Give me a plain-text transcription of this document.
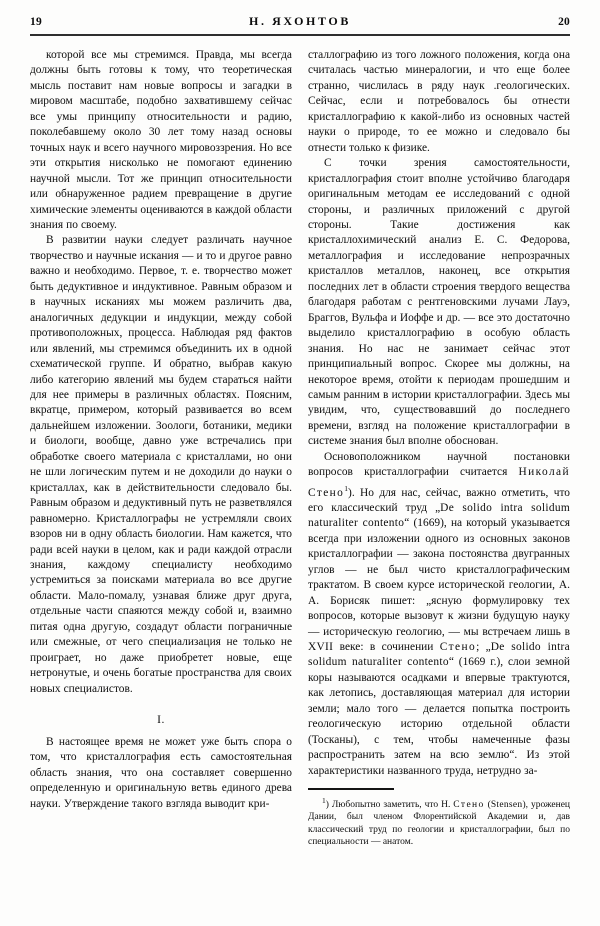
19	Н. ЯХОНТОВ	20

которой все мы стремимся. Правда, мы всегда должны быть готовы к тому, что теоретическая мысль поставит нам новые вопросы и загадки в мировом масштабе, подобно захватившему сейчас все умы принципу относительности и радию, поколебавшему около 30 лет тому назад основы точных наук и всего научного мировоззрения. Но все эти открытия нисколько не помогают единению научной мысли. Тот же принцип относительности или обнаруженное радием превращение в другие химические элементы оцениваются в каждой области знания по своему.

В развитии науки следует различать научное творчество и научные искания — и то и другое равно важно и необходимо. Первое, т. е. творчество может быть дедуктивное и индуктивное. Равным образом и в научных исканиях мы можем различить два, аналогичных дедукции и индукции, между собой противоположных, процесса. Наблюдая ряд фактов или явлений, мы стремимся объединить их в одной схематической группе. И обратно, выбрав какую либо категорию явлений мы будем стараться найти для нее примеры в различных областях. Поясним, вкратце, примером, который развивается во всем дальнейшем изложении. Зоологи, ботаники, медики и биологи, вообще, давно уже встречались при обработке своего материала с кристаллами, но они не шли логическим путем и не доходили до науки о кристаллах, как в действительности следовало бы. Равным образом и дедуктивный путь не разветвлялся равномерно. Кристаллографы не устремляли своих взоров ни в одну область биологии. Нам кажется, что ради всей науки в целом, как и ради каждой отрасли знания, каждому специалисту необходимо устремиться за поисками материала во все другие области. Мало-помалу, узнавая ближе друг друга, отдельные части спаяются между собой и, взаимно питая одна другую, создадут области пограничные или смежные, от чего специализация не только не проиграет, но даже приобретет новые, еще нетронутые, и очень богатые пространства для своих новых специалистов.

I.

В настоящее время не может уже быть спора о том, что кристаллография есть самостоятельная область знания, что она составляет совершенно определенную и оригинальную ветвь единого древа науки. Утверждение такого взгляда выводит кри-

сталлографию из того ложного положения, когда она считалась частью минералогии, и что еще более странно, числилась в ряду наук .геологических. Сейчас, если и потребовалось бы отнести кристаллографию к какой-либо из основных частей науки о природе, то ее можно и следовало бы отнести только к физике.

С точки зрения самостоятельности, кристаллография стоит вполне устойчиво благодаря оригинальным методам ее исследований с одной стороны, и различных приложений с другой стороны. Такие достижения как кристаллохимический анализ Е. С. Федорова, металлография и исследование непрозрачных кристаллов металлов, наконец, все открытия последних лет в области строения твердого вещества благодаря работам с рентгеновскими лучами Лауэ, Браггов, Вульфа и Иоффе и др. — все это достаточно выделило кристаллографию в особую область знания. Но нас не занимает сейчас этот принципиальный вопрос. Скорее мы должны, на некоторое время, отойти к периодам прошедшим и самым ранним в истории кристаллографии. Здесь мы увидим, что, существовавший до последнего времени, взгляд на положение кристаллографии в системе знания был вполне обоснован.

Основоположником научной постановки вопросов кристаллографии считается Николай Стено$^1$). Но для нас, сейчас, важно отметить, что его классический труд „De solido intra solidum naturaliter contento“ (1669), на который указывается всегда при изложении одного из основных законов кристаллографии — закона постоянства двугранных углов — не был чисто кристаллографическим трактатом. В своем курсе исторической геологии, А. А. Борисяк пишет: „ясную формулировку тех вопросов, которые вызовут к жизни будущую науку — историческую геологию, — мы встречаем лишь в XVII веке: в сочинении Стено; „De solido intra solidum naturaliter contento“ (1669 г.), слои земной коры называются осадками и впервые трактуются, как летопись, доставляющая материал для истории земли; мало того — делается попытка построить геологическую историю отдельной области (Тосканы), с тем, чтобы намеченные фазы распространить затем на всю землю“. Из этой характеристики названного труда, нетрудно за-

$^1$) Любопытно заметить, что Н. Стено (Stensen), уроженец Дании, был членом Флорентийской Академии и, дав классический труд по геологии и кристаллографии, был по специальности — анатом.
